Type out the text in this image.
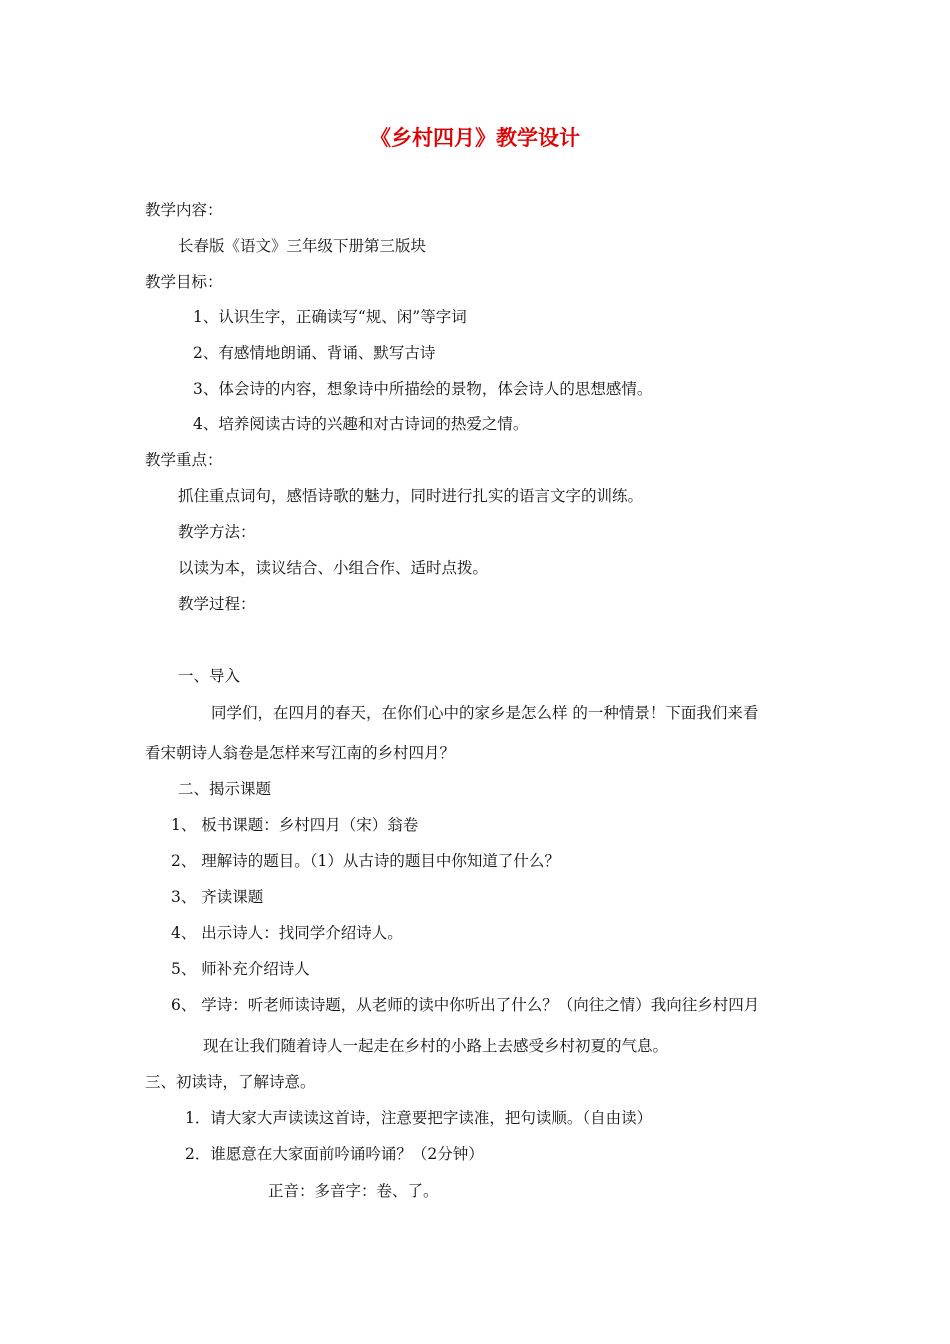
《乡村四月》教学设计

教学内容：

长春版《语文》三年级下册第三版块

教学目标：

1、认识生字，正确读写“规、闲”等字词

2、有感情地朗诵、背诵、默写古诗

3、体会诗的内容，想象诗中所描绘的景物，体会诗人的思想感情。

4、培养阅读古诗的兴趣和对古诗词的热爱之情。

教学重点：

抓住重点词句，感悟诗歌的魅力，同时进行扎实的语言文字的训练。

教学方法：

以读为本，读议结合、小组合作、适时点拨。

教学过程：

一、导入

同学们，在四月的春天，在你们心中的家乡是怎么样 的一种情景！下面我们来看

看宋朝诗人翁卷是怎样来写江南的乡村四月？

二、揭示课题

1、 板书课题：乡村四月（宋）翁卷

2、 理解诗的题目。（1）从古诗的题目中你知道了什么？

3、 齐读课题

4、 出示诗人：找同学介绍诗人。

5、 师补充介绍诗人

6、 学诗：听老师读诗题，从老师的读中你听出了什么？（向往之情）我向往乡村四月

现在让我们随着诗人一起走在乡村的小路上去感受乡村初夏的气息。

三、初读诗，了解诗意。

1．请大家大声读读这首诗，注意要把字读准，把句读顺。（自由读）

2．谁愿意在大家面前吟诵吟诵？（2分钟）

正音：多音字：卷、了。
